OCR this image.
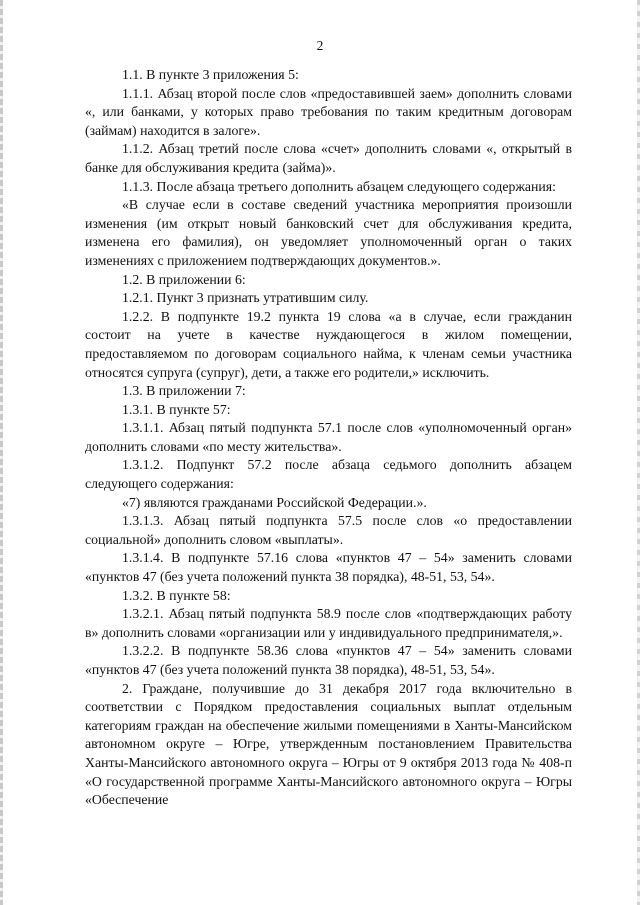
2

1.1. В пункте 3 приложения 5:

1.1.1. Абзац второй после слов «предоставившей заем» дополнить словами «, или банками, у которых право требования по таким кредитным договорам (займам) находится в залоге».

1.1.2. Абзац третий после слова «счет» дополнить словами «, открытый в банке для обслуживания кредита (займа)».

1.1.3. После абзаца третьего дополнить абзацем следующего содержания:

«В случае если в составе сведений участника мероприятия произошли изменения (им открыт новый банковский счет для обслуживания кредита, изменена его фамилия), он уведомляет уполномоченный орган о таких изменениях с приложением подтверждающих документов.».

1.2. В приложении 6:

1.2.1. Пункт 3 признать утратившим силу.

1.2.2. В подпункте 19.2 пункта 19 слова «а в случае, если гражданин состоит на учете в качестве нуждающегося в жилом помещении, предоставляемом по договорам социального найма, к членам семьи участника относятся супруга (супруг), дети, а также его родители,» исключить.

1.3. В приложении 7:

1.3.1. В пункте 57:

1.3.1.1. Абзац пятый подпункта 57.1 после слов «уполномоченный орган» дополнить словами «по месту жительства».

1.3.1.2. Подпункт 57.2 после абзаца седьмого дополнить абзацем следующего содержания:

«7) являются гражданами Российской Федерации.».

1.3.1.3. Абзац пятый подпункта 57.5 после слов «о предоставлении социальной» дополнить словом «выплаты».

1.3.1.4. В подпункте 57.16 слова «пунктов 47 – 54» заменить словами «пунктов 47 (без учета положений пункта 38 порядка), 48-51, 53, 54».

1.3.2. В пункте 58:

1.3.2.1. Абзац пятый подпункта 58.9 после слов «подтверждающих работу в» дополнить словами «организации или у индивидуального предпринимателя,».

1.3.2.2. В подпункте 58.36 слова «пунктов 47 – 54» заменить словами «пунктов 47 (без учета положений пункта 38 порядка), 48-51, 53, 54».

2. Граждане, получившие до 31 декабря 2017 года включительно в соответствии с Порядком предоставления социальных выплат отдельным категориям граждан на обеспечение жилыми помещениями в Ханты-Мансийском автономном округе – Югре, утвержденным постановлением Правительства Ханты-Мансийского автономного округа – Югры от 9 октября 2013 года № 408-п «О государственной программе Ханты-Мансийского автономного округа – Югры «Обеспечение
